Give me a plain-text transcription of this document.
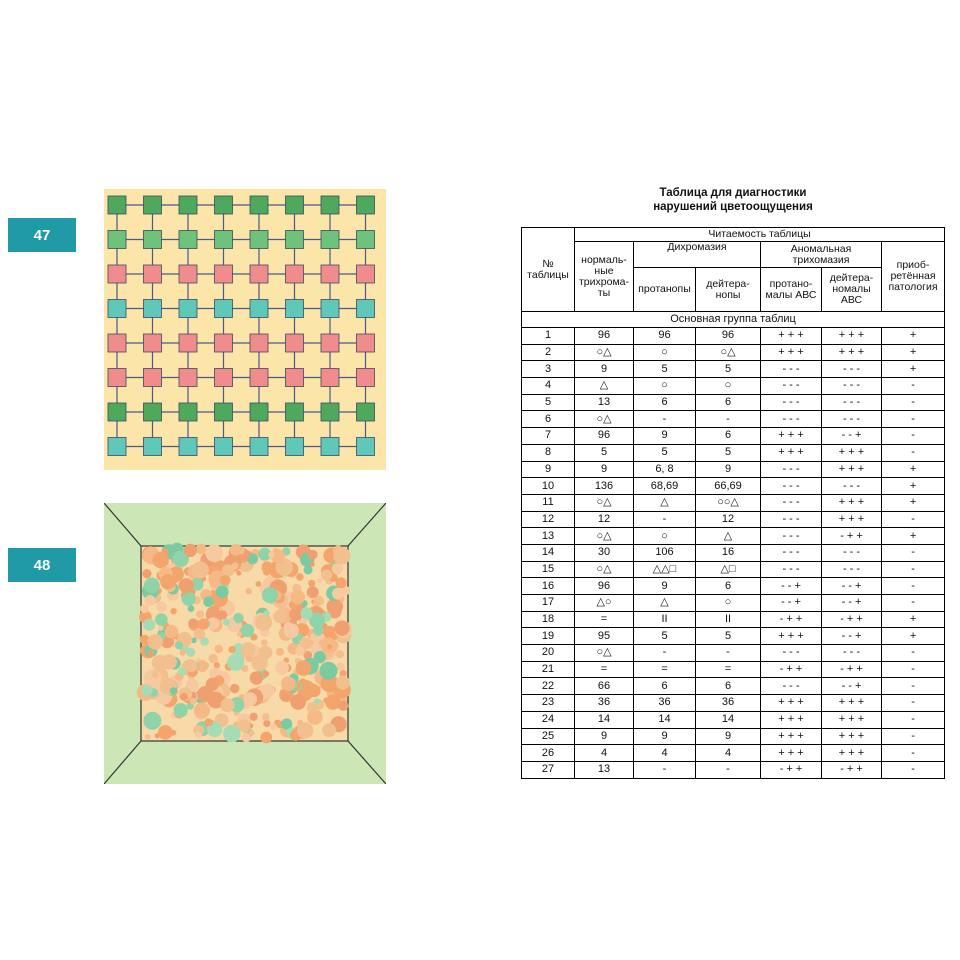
47
48
Таблица для диагностики
нарушений цветоощущения
№ таблицы	Читаемость таблицы					
	нормаль-ные трихрома-ты	Дихромазия		Аномальная трихомазия		приоб-ретённая патология
		протанопы	дейтера-нопы	протано-малы АВС	дейтера-номалы АВС	
Основная группа таблиц						
1	96	96	96	+ + +	+ + +	+
2	○△	○	○△	+ + +	+ + +	+
3	9	5	5	- - -	- - -	+
4	△	○	○	- - -	- - -	-
5	13	6	6	- - -	- - -	-
6	○△	-	-	- - -	- - -	-
7	96	9	6	+ + +	- - +	-
8	5	5	5	+ + +	+ + +	-
9	9	6, 8	9	- - -	+ + +	+
10	136	68,69	66,69	- - -	- - -	+
11	○△	△	○○△	- - -	+ + +	+
12	12	-	12	- - -	+ + +	-
13	○△	○	△	- - -	- + +	+
14	30	106	16	- - -	- - -	-
15	○△	△△□	△□	- - -	- - -	-
16	96	9	6	- - +	- - +	-
17	△○	△	○	- - +	- - +	-
18	=	II	II	- + +	- + +	+
19	95	5	5	+ + +	- - +	+
20	○△	-	-	- - -	- - -	-
21	=	=	=	- + +	- + +	-
22	66	6	6	- - -	- - +	-
23	36	36	36	+ + +	+ + +	-
24	14	14	14	+ + +	+ + +	-
25	9	9	9	+ + +	+ + +	-
26	4	4	4	+ + +	+ + +	-
27	13	-	-	- + +	- + +	-
